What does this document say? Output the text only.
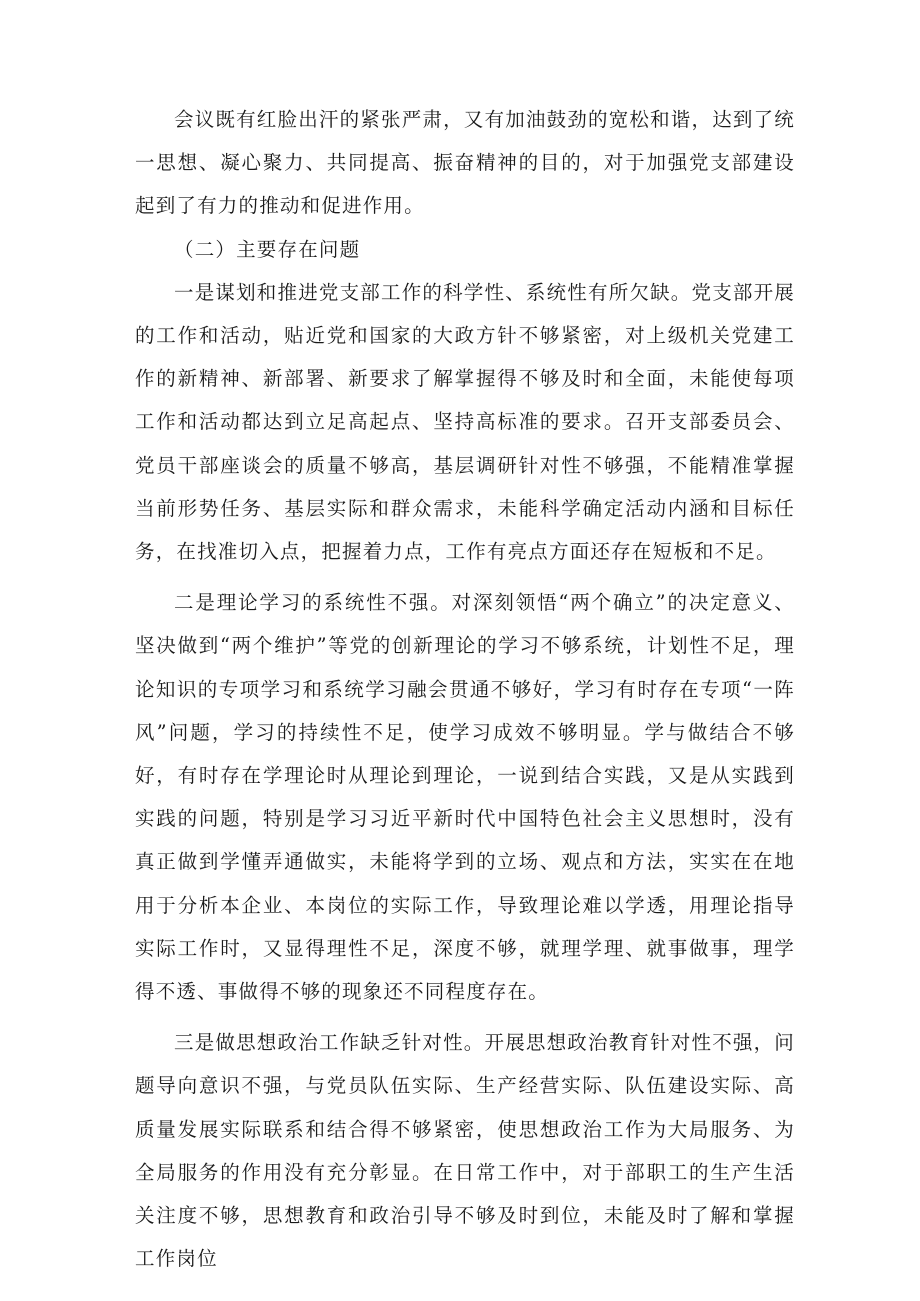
会议既有红脸出汗的紧张严肃，又有加油鼓劲的宽松和谐，达到了统一思想、凝心聚力、共同提高、振奋精神的目的，对于加强党支部建设起到了有力的推动和促进作用。

（二）主要存在问题

一是谋划和推进党支部工作的科学性、系统性有所欠缺。党支部开展的工作和活动，贴近党和国家的大政方针不够紧密，对上级机关党建工作的新精神、新部署、新要求了解掌握得不够及时和全面，未能使每项工作和活动都达到立足高起点、坚持高标准的要求。召开支部委员会、党员干部座谈会的质量不够高，基层调研针对性不够强，不能精准掌握当前形势任务、基层实际和群众需求，未能科学确定活动内涵和目标任务，在找准切入点，把握着力点，工作有亮点方面还存在短板和不足。

二是理论学习的系统性不强。对深刻领悟“两个确立”的决定意义、坚决做到“两个维护”等党的创新理论的学习不够系统，计划性不足，理论知识的专项学习和系统学习融会贯通不够好，学习有时存在专项“一阵风”问题，学习的持续性不足，使学习成效不够明显。学与做结合不够好，有时存在学理论时从理论到理论，一说到结合实践，又是从实践到实践的问题，特别是学习习近平新时代中国特色社会主义思想时，没有真正做到学懂弄通做实，未能将学到的立场、观点和方法，实实在在地用于分析本企业、本岗位的实际工作，导致理论难以学透，用理论指导实际工作时，又显得理性不足，深度不够，就理学理、就事做事，理学得不透、事做得不够的现象还不同程度存在。

三是做思想政治工作缺乏针对性。开展思想政治教育针对性不强，问题导向意识不强，与党员队伍实际、生产经营实际、队伍建设实际、高质量发展实际联系和结合得不够紧密，使思想政治工作为大局服务、为全局服务的作用没有充分彰显。在日常工作中，对于部职工的生产生活关注度不够，思想教育和政治引导不够及时到位，未能及时了解和掌握工作岗位
